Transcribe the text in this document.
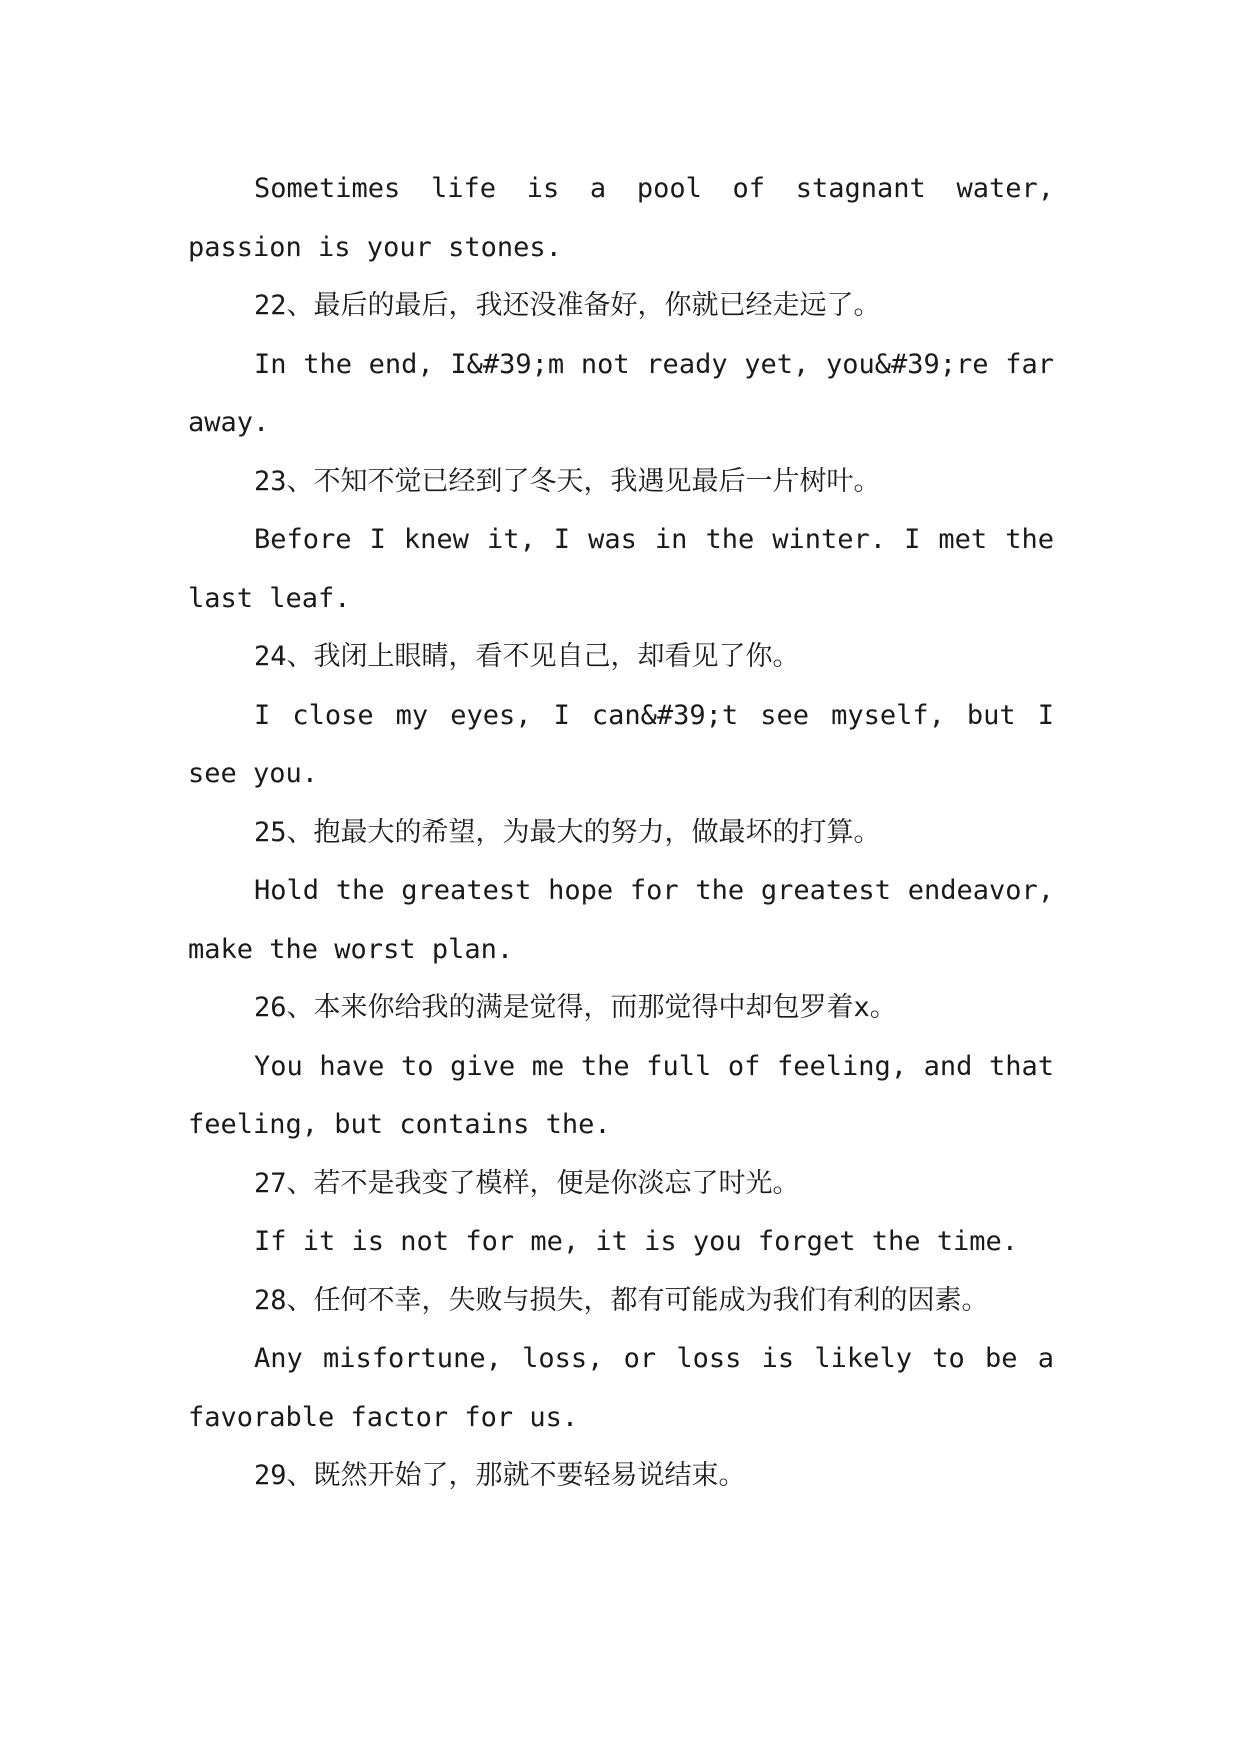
Sometimes life is a pool of stagnant water, passion is your stones.

22、最后的最后，我还没准备好，你就已经走远了。

In the end, I&#39;m not ready yet, you&#39;re far away.

23、不知不觉已经到了冬天，我遇见最后一片树叶。

Before I knew it, I was in the winter. I met the last leaf.

24、我闭上眼睛，看不见自己，却看见了你。

I close my eyes, I can&#39;t see myself, but I see you.

25、抱最大的希望，为最大的努力，做最坏的打算。

Hold the greatest hope for the greatest endeavor, make the worst plan.

26、本来你给我的满是觉得，而那觉得中却包罗着x。

You have to give me the full of feeling, and that feeling, but contains the.

27、若不是我变了模样，便是你淡忘了时光。

If it is not for me, it is you forget the time.

28、任何不幸，失败与损失，都有可能成为我们有利的因素。

Any misfortune, loss, or loss is likely to be a favorable factor for us.

29、既然开始了，那就不要轻易说结束。
